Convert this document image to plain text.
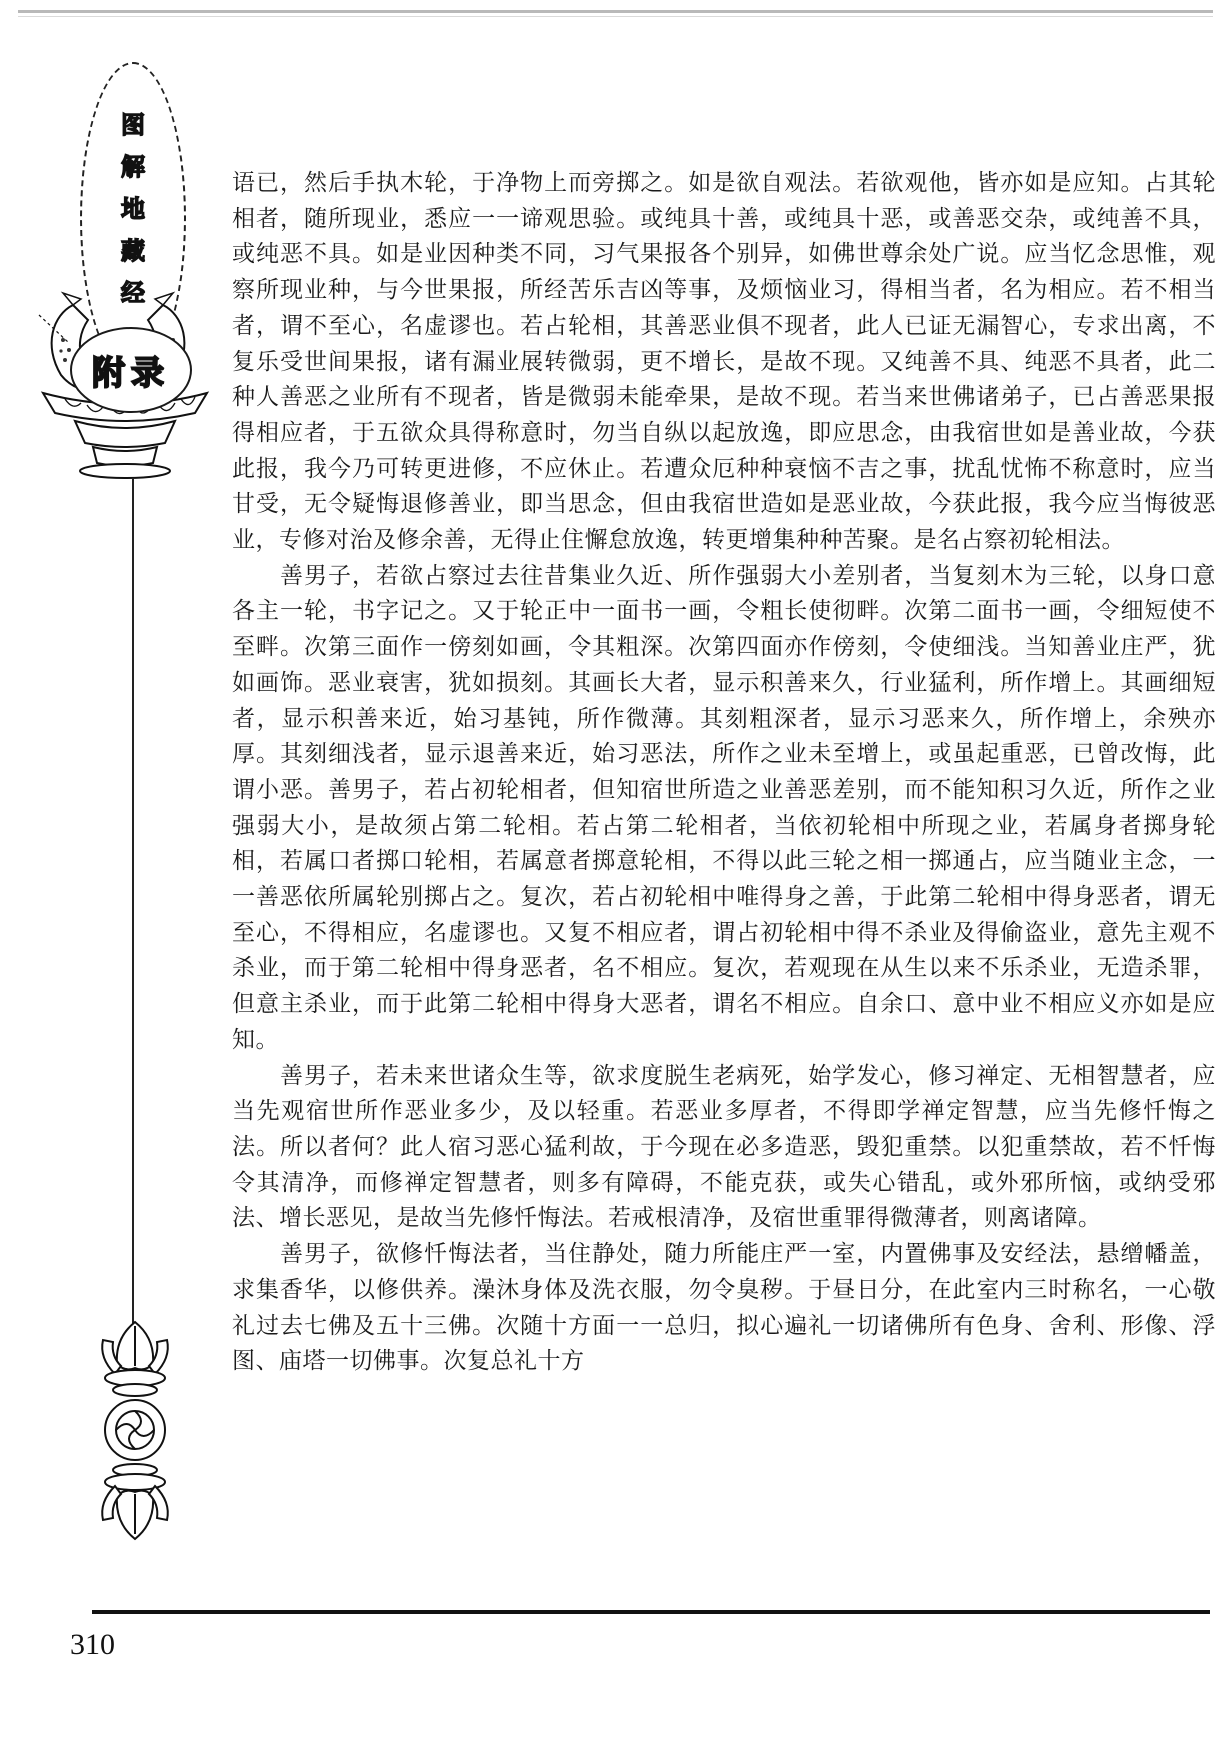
图
解
地
藏
经
附录

语已，然后手执木轮，于净物上而旁掷之。如是欲自观法。若欲观他，皆亦如是应知。占其轮相者，随所现业，悉应一一谛观思验。或纯具十善，或纯具十恶，或善恶交杂，或纯善不具，或纯恶不具。如是业因种类不同，习气果报各个别异，如佛世尊余处广说。应当忆念思惟，观察所现业种，与今世果报，所经苦乐吉凶等事，及烦恼业习，得相当者，名为相应。若不相当者，谓不至心，名虚谬也。若占轮相，其善恶业俱不现者，此人已证无漏智心，专求出离，不复乐受世间果报，诸有漏业展转微弱，更不增长，是故不现。又纯善不具、纯恶不具者，此二种人善恶之业所有不现者，皆是微弱未能牵果，是故不现。若当来世佛诸弟子，已占善恶果报得相应者，于五欲众具得称意时，勿当自纵以起放逸，即应思念，由我宿世如是善业故，今获此报，我今乃可转更进修，不应休止。若遭众厄种种衰恼不吉之事，扰乱忧怖不称意时，应当甘受，无令疑悔退修善业，即当思念，但由我宿世造如是恶业故，今获此报，我今应当悔彼恶业，专修对治及修余善，无得止住懈怠放逸，转更增集种种苦聚。是名占察初轮相法。

善男子，若欲占察过去往昔集业久近、所作强弱大小差别者，当复刻木为三轮，以身口意各主一轮，书字记之。又于轮正中一面书一画，令粗长使彻畔。次第二面书一画，令细短使不至畔。次第三面作一傍刻如画，令其粗深。次第四面亦作傍刻，令使细浅。当知善业庄严，犹如画饰。恶业衰害，犹如损刻。其画长大者，显示积善来久，行业猛利，所作增上。其画细短者，显示积善来近，始习基钝，所作微薄。其刻粗深者，显示习恶来久，所作增上，余殃亦厚。其刻细浅者，显示退善来近，始习恶法，所作之业未至增上，或虽起重恶，已曾改悔，此谓小恶。善男子，若占初轮相者，但知宿世所造之业善恶差别，而不能知积习久近，所作之业强弱大小，是故须占第二轮相。若占第二轮相者，当依初轮相中所现之业，若属身者掷身轮相，若属口者掷口轮相，若属意者掷意轮相，不得以此三轮之相一掷通占，应当随业主念，一一善恶依所属轮别掷占之。复次，若占初轮相中唯得身之善，于此第二轮相中得身恶者，谓无至心，不得相应，名虚谬也。又复不相应者，谓占初轮相中得不杀业及得偷盗业，意先主观不杀业，而于第二轮相中得身恶者，名不相应。复次，若观现在从生以来不乐杀业，无造杀罪，但意主杀业，而于此第二轮相中得身大恶者，谓名不相应。自余口、意中业不相应义亦如是应知。

善男子，若未来世诸众生等，欲求度脱生老病死，始学发心，修习禅定、无相智慧者，应当先观宿世所作恶业多少，及以轻重。若恶业多厚者，不得即学禅定智慧，应当先修忏悔之法。所以者何？此人宿习恶心猛利故，于今现在必多造恶，毁犯重禁。以犯重禁故，若不忏悔令其清净，而修禅定智慧者，则多有障碍，不能克获，或失心错乱，或外邪所恼，或纳受邪法、增长恶见，是故当先修忏悔法。若戒根清净，及宿世重罪得微薄者，则离诸障。

善男子，欲修忏悔法者，当住静处，随力所能庄严一室，内置佛事及安经法，悬缯幡盖，求集香华，以修供养。澡沐身体及洗衣服，勿令臭秽。于昼日分，在此室内三时称名，一心敬礼过去七佛及五十三佛。次随十方面一一总归，拟心遍礼一切诸佛所有色身、舍利、形像、浮图、庙塔一切佛事。次复总礼十方

310
